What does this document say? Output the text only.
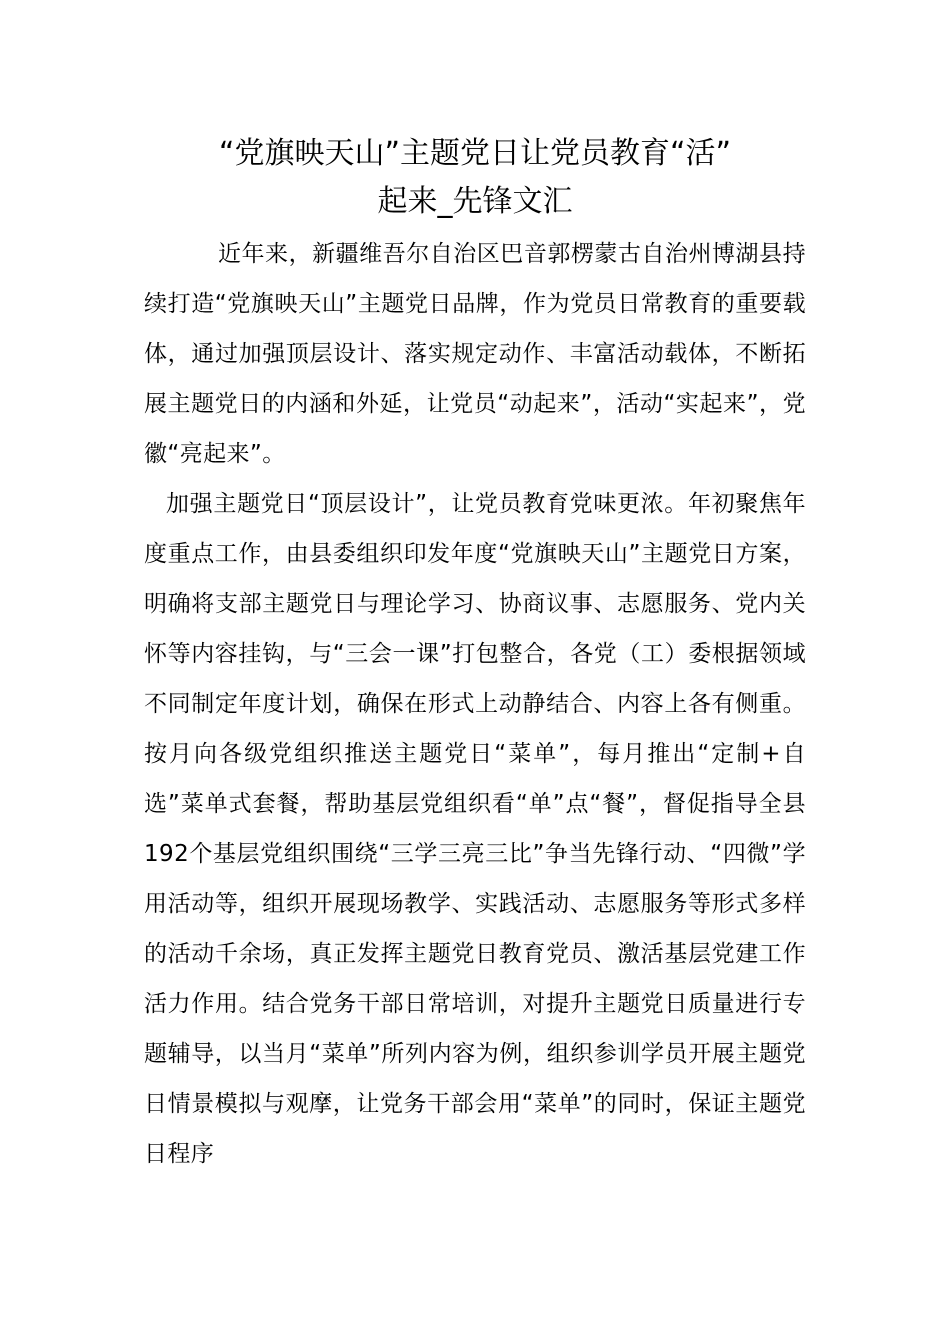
“党旗映天山”主题党日让党员教育“活”
起来_先锋文汇

近年来，新疆维吾尔自治区巴音郭楞蒙古自治州博湖县持续打造“党旗映天山”主题党日品牌，作为党员日常教育的重要载体，通过加强顶层设计、落实规定动作、丰富活动载体，不断拓展主题党日的内涵和外延，让党员“动起来”，活动“实起来”，党徽“亮起来”。

加强主题党日“顶层设计”，让党员教育党味更浓。年初聚焦年度重点工作，由县委组织印发年度“党旗映天山”主题党日方案，明确将支部主题党日与理论学习、协商议事、志愿服务、党内关怀等内容挂钩，与“三会一课”打包整合，各党（工）委根据领域不同制定年度计划，确保在形式上动静结合、内容上各有侧重。按月向各级党组织推送主题党日“菜单”，每月推出“定制+自选”菜单式套餐，帮助基层党组织看“单”点“餐”，督促指导全县192个基层党组织围绕“三学三亮三比”争当先锋行动、“四微”学用活动等，组织开展现场教学、实践活动、志愿服务等形式多样的活动千余场，真正发挥主题党日教育党员、激活基层党建工作活力作用。结合党务干部日常培训，对提升主题党日质量进行专题辅导，以当月“菜单”所列内容为例，组织参训学员开展主题党日情景模拟与观摩，让党务干部会用“菜单”的同时，保证主题党日程序
